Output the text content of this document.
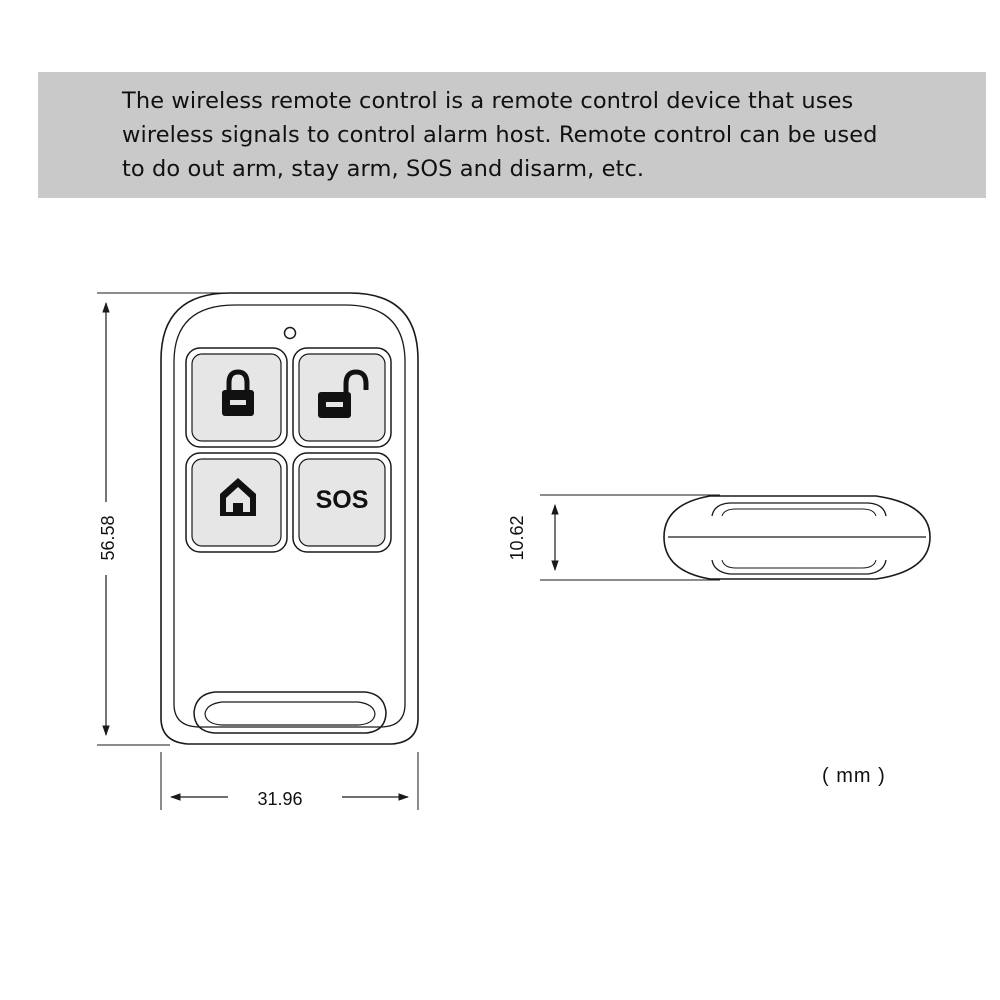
The wireless remote control is a remote control device that uses
wireless signals to control alarm host. Remote control can be used
to do out arm, stay arm, SOS and disarm, etc.
SOS
56.58
31.96
10.62
( mm )
